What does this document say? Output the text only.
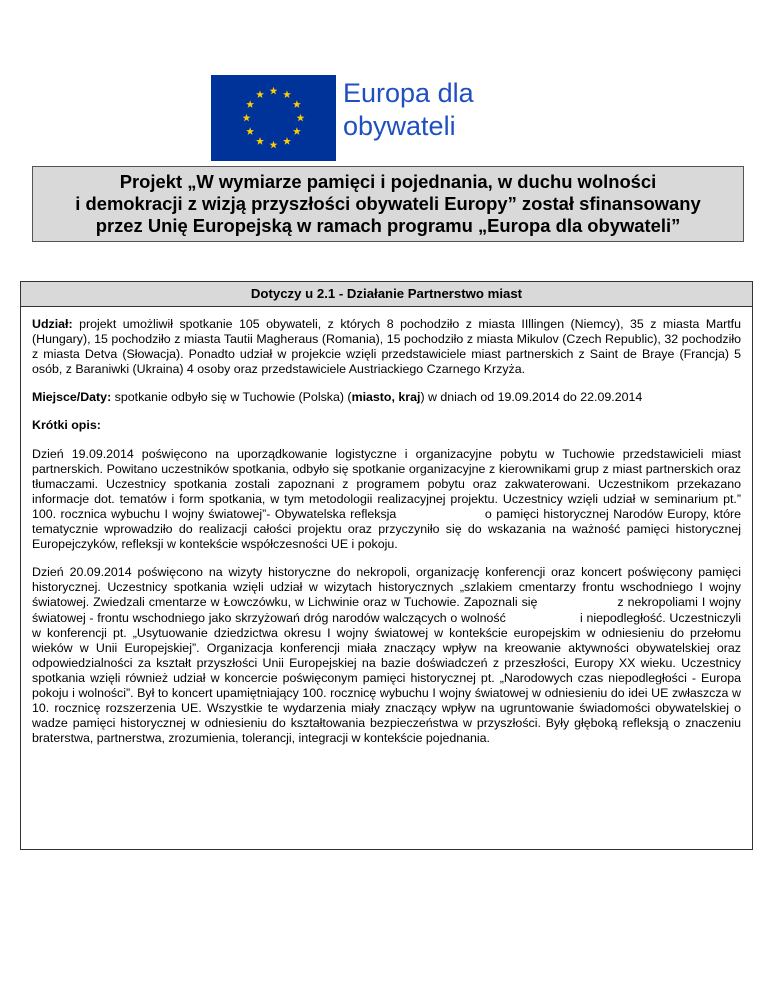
Europa dla
obywateli
Projekt „W wymiarze pamięci i pojednania, w duchu wolności
i demokracji z wizją przyszłości obywateli Europy” został sfinansowany
przez Unię Europejską w ramach programu „Europa dla obywateli”
Dotyczy u 2.1 - Działanie Partnerstwo miast

Udział: projekt umożliwił spotkanie 105 obywateli, z których 8 pochodziło z miasta IIllingen (Niemcy), 35 z miasta Martfu (Hungary), 15 pochodziło z miasta Tautii Magheraus (Romania), 15 pochodziło z miasta Mikulov (Czech Republic), 32 pochodziło z miasta Detva (Słowacja). Ponadto udział w projekcie wzięli przedstawiciele miast partnerskich z Saint de Braye (Francja) 5 osób, z Baraniwki (Ukraina) 4 osoby oraz przedstawiciele Austriackiego Czarnego Krzyża.

Miejsce/Daty: spotkanie odbyło się w Tuchowie (Polska) (miasto, kraj) w dniach od 19.09.2014 do 22.09.2014

Krótki opis:

Dzień 19.09.2014 poświęcono na uporządkowanie logistyczne i organizacyjne pobytu w Tuchowie przedstawicieli miast partnerskich. Powitano uczestników spotkania, odbyło się spotkanie organizacyjne z kierownikami grup z miast partnerskich oraz tłumaczami. Uczestnicy spotkania zostali zapoznani z programem pobytu oraz zakwaterowani. Uczestnikom przekazano informacje dot. tematów i form spotkania, w tym metodologii realizacyjnej projektu. Uczestnicy wzięli udział w seminarium pt.” 100. rocznica wybuchu I wojny światowej”- Obywatelska refleksja                    o pamięci historycznej Narodów Europy, które tematycznie wprowadziło do realizacji całości projektu oraz przyczyniło się do wskazania na ważność pamięci historycznej Europejczyków, refleksji w kontekście współczesności UE i pokoju.

Dzień 20.09.2014 poświęcono na wizyty historyczne do nekropoli, organizację konferencji oraz koncert poświęcony pamięci historycznej. Uczestnicy spotkania wzięli udział w wizytach historycznych „szlakiem cmentarzy frontu wschodniego I wojny światowej. Zwiedzali cmentarze w Łowczówku, w Lichwinie oraz w Tuchowie. Zapoznali się                    z nekropoliami I wojny światowej - frontu wschodniego jako skrzyżowań dróg narodów walczących o wolność                    i niepodległość. Uczestniczyli w konferencji pt. „Usytuowanie dziedzictwa okresu I wojny światowej w kontekście europejskim w odniesieniu do przełomu wieków w Unii Europejskiej”. Organizacja konferencji miała znaczący wpływ na kreowanie aktywności obywatelskiej oraz odpowiedzialności za kształt przyszłości Unii Europejskiej na bazie doświadczeń z przeszłości, Europy XX wieku. Uczestnicy spotkania wzięli również udział w koncercie poświęconym pamięci historycznej pt. „Narodowych czas niepodległości - Europa pokoju i wolności”. Był to koncert upamiętniający 100. rocznicę wybuchu I wojny światowej w odniesieniu do idei UE zwłaszcza w 10. rocznicę rozszerzenia UE. Wszystkie te wydarzenia miały znaczący wpływ na ugruntowanie świadomości obywatelskiej o wadze pamięci historycznej w odniesieniu do kształtowania bezpieczeństwa w przyszłości. Były głęboką refleksją o znaczeniu braterstwa, partnerstwa, zrozumienia, tolerancji, integracji w kontekście pojednania.
